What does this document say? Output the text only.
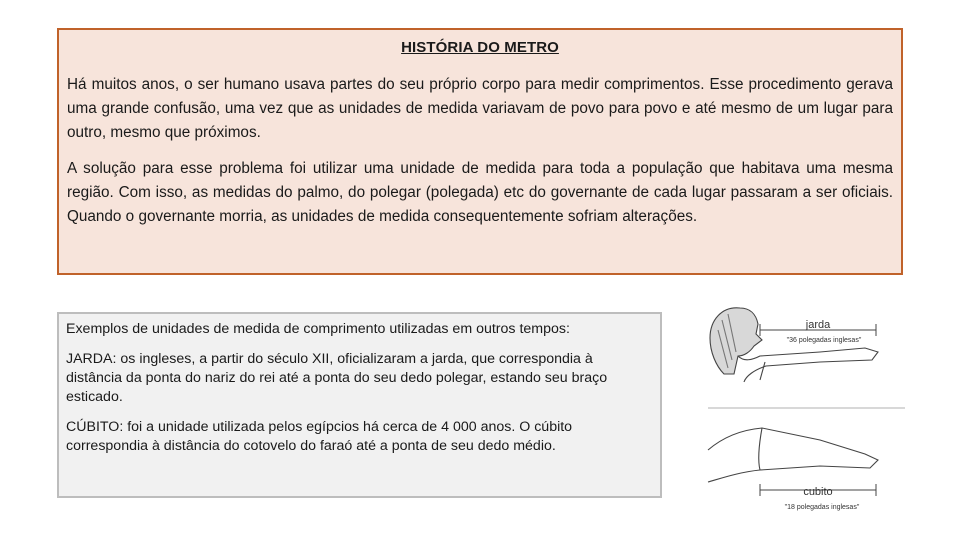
HISTÓRIA DO METRO

Há muitos anos, o ser humano usava partes do seu próprio corpo para medir comprimentos. Esse procedimento gerava uma grande confusão, uma vez que as unidades de medida variavam de povo para povo e até mesmo de um lugar para outro, mesmo que próximos.

A solução para esse problema foi utilizar uma unidade de medida para toda a população que habitava uma mesma região. Com isso, as medidas do palmo, do polegar (polegada) etc do governante de cada lugar passaram a ser oficiais. Quando o governante morria, as unidades de medida consequentemente sofriam alterações.

Exemplos de unidades de medida de comprimento utilizadas em outros tempos:

JARDA: os ingleses, a partir do século XII, oficializaram a jarda, que correspondia à distância da ponta do nariz do rei até a ponta do seu dedo polegar, estando seu braço esticado.

CÚBITO: foi a unidade utilizada pelos egípcios há cerca de 4 000 anos. O cúbito correspondia à distância do cotovelo do faraó até a ponta de seu dedo médio.

jarda
"36 polegadas inglesas"
cubito
"18 polegadas inglesas"
